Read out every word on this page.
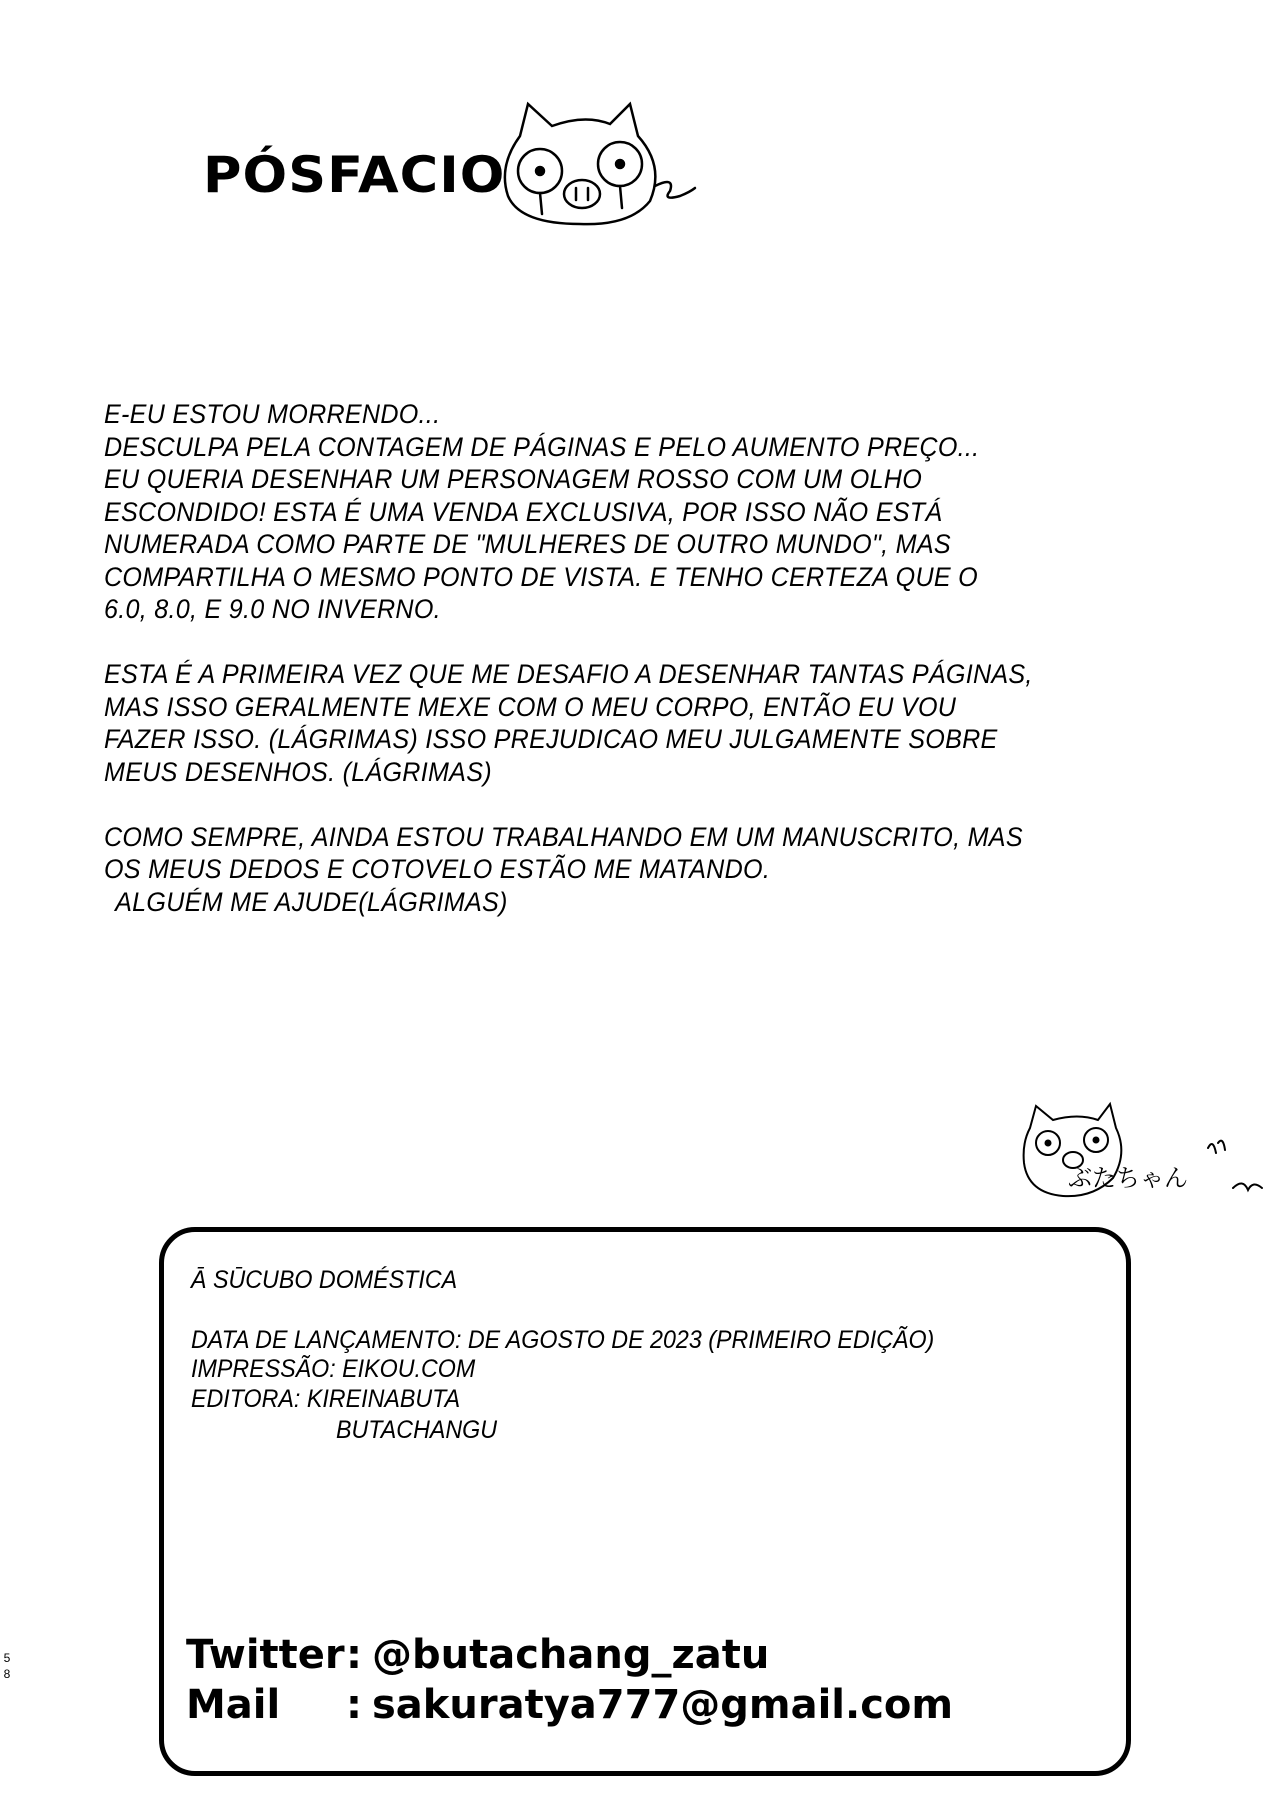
PÓSFACIO
E-EU ESTOU MORRENDO...
DESCULPA PELA CONTAGEM DE PÁGINAS E PELO AUMENTO PREÇO...
EU QUERIA DESENHAR UM PERSONAGEM ROSSO COM UM OLHO
ESCONDIDO! ESTA É UMA VENDA EXCLUSIVA, POR ISSO NÃO ESTÁ
NUMERADA COMO PARTE DE "MULHERES DE OUTRO MUNDO", MAS
COMPARTILHA O MESMO PONTO DE VISTA. E TENHO CERTEZA QUE O
6.0, 8.0, E 9.0 NO INVERNO.
ESTA É A PRIMEIRA VEZ QUE ME DESAFIO A DESENHAR TANTAS PÁGINAS,
MAS ISSO GERALMENTE MEXE COM O MEU CORPO, ENTÃO EU VOU
FAZER ISSO. (LÁGRIMAS) ISSO PREJUDICAO MEU JULGAMENTE SOBRE
MEUS DESENHOS. (LÁGRIMAS)
COMO SEMPRE, AINDA ESTOU TRABALHANDO EM UM MANUSCRITO, MAS
OS MEUS DEDOS E COTOVELO ESTÃO ME MATANDO.
ALGUÉM ME AJUDE(LÁGRIMAS)
ぶたちゃん
Ā SŪCUBO DOMÉSTICA
DATA DE LANÇAMENTO: DE AGOSTO DE 2023 (PRIMEIRO EDIÇÃO)
IMPRESSÃO: EIKOU.COM
EDITORA: KIREINABUTA
BUTACHANGU
Twitter: @butachang_zatu
Mail : sakuratya777@gmail.com
5
8
